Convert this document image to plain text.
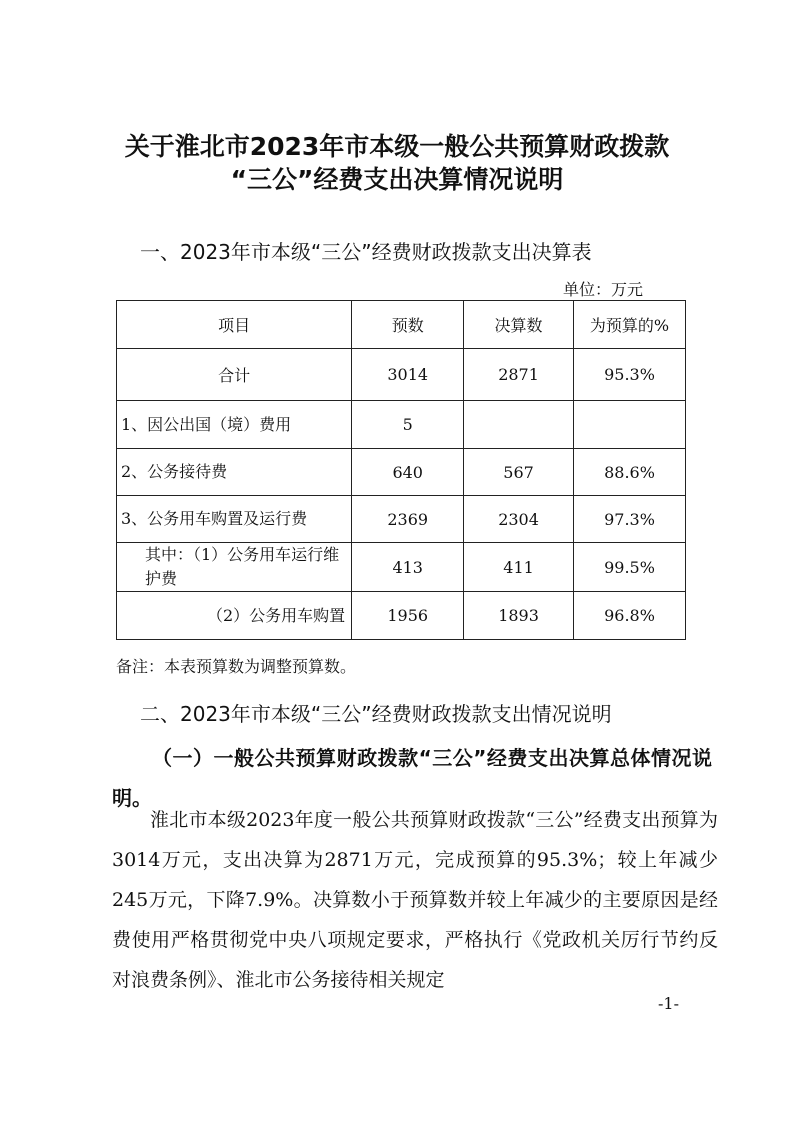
关于淮北市2023年市本级一般公共预算财政拨款
“三公”经费支出决算情况说明
一、2023年市本级“三公”经费财政拨款支出决算表
单位：万元
项目	预数	决算数	为预算的%
合计	3014	2871	95.3%
1、因公出国（境）费用	5		
2、公务接待费	640	567	88.6%
3、公务用车购置及运行费	2369	2304	97.3%
其中：（1）公务用车运行维护费	413	411	99.5%
（2）公务用车购置	1956	1893	96.8%
备注：本表预算数为调整预算数。
二、2023年市本级“三公”经费财政拨款支出情况说明
（一）一般公共预算财政拨款“三公”经费支出决算总体情况说明。
淮北市本级2023年度一般公共预算财政拨款“三公”经费支出预算为3014万元，支出决算为2871万元，完成预算的95.3%；较上年减少245万元，下降7.9%。决算数小于预算数并较上年减少的主要原因是经费使用严格贯彻党中央八项规定要求，严格执行《党政机关厉行节约反对浪费条例》、淮北市公务接待相关规定
-1-
